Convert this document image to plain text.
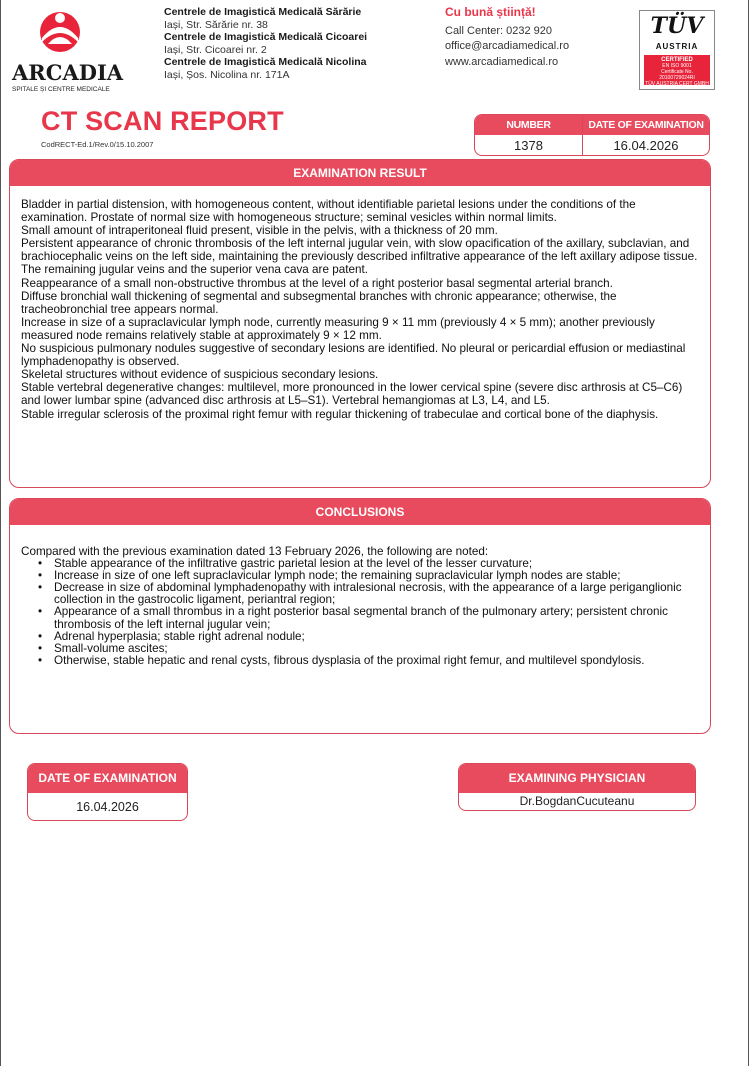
ARCADIA
SPITALE ȘI CENTRE MEDICALE
Centrele de Imagistică Medicală Sărărie
Iași, Str. Sărărie nr. 38
Centrele de Imagistică Medicală Cicoarei
Iași, Str. Cicoarei nr. 2
Centrele de Imagistică Medicală Nicolina
Iași, Șos. Nicolina nr. 171A
Cu bună știință!
Call Center: 0232 920
office@arcadiamedical.ro
www.arcadiamedical.ro
TÜV
AUSTRIA
CERTIFIED
EN ISO 9001
Certificate No. 20100729024RI
TÜV AUSTRIA CERT GMBH
CT SCAN REPORT
CodRECT-Ed.1/Rev.0/15.10.2007
NUMBER
1378
DATE OF EXAMINATION
16.04.2026
EXAMINATION RESULT

Bladder in partial distension, with homogeneous content, without identifiable parietal lesions under the conditions of the examination. Prostate of normal size with homogeneous structure; seminal vesicles within normal limits.

Small amount of intraperitoneal fluid present, visible in the pelvis, with a thickness of 20 mm.

Persistent appearance of chronic thrombosis of the left internal jugular vein, with slow opacification of the axillary, subclavian, and brachiocephalic veins on the left side, maintaining the previously described infiltrative appearance of the left axillary adipose tissue. The remaining jugular veins and the superior vena cava are patent.

Reappearance of a small non-obstructive thrombus at the level of a right posterior basal segmental arterial branch.

Diffuse bronchial wall thickening of segmental and subsegmental branches with chronic appearance; otherwise, the tracheobronchial tree appears normal.

Increase in size of a supraclavicular lymph node, currently measuring 9 × 11 mm (previously 4 × 5 mm); another previously measured node remains relatively stable at approximately 9 × 12 mm.

No suspicious pulmonary nodules suggestive of secondary lesions are identified. No pleural or pericardial effusion or mediastinal lymphadenopathy is observed.

Skeletal structures without evidence of suspicious secondary lesions.

Stable vertebral degenerative changes: multilevel, more pronounced in the lower cervical spine (severe disc arthrosis at C5–C6) and lower lumbar spine (advanced disc arthrosis at L5–S1). Vertebral hemangiomas at L3, L4, and L5.

Stable irregular sclerosis of the proximal right femur with regular thickening of trabeculae and cortical bone of the diaphysis.

CONCLUSIONS
Compared with the previous examination dated 13 February 2026, the following are noted:
• Stable appearance of the infiltrative gastric parietal lesion at the level of the lesser curvature;
• Increase in size of one left supraclavicular lymph node; the remaining supraclavicular lymph nodes are stable;
• Decrease in size of abdominal lymphadenopathy with intralesional necrosis, with the appearance of a large periganglionic collection in the gastrocolic ligament, periantral region;
• Appearance of a small thrombus in a right posterior basal segmental branch of the pulmonary artery; persistent chronic thrombosis of the left internal jugular vein;
• Adrenal hyperplasia; stable right adrenal nodule;
• Small-volume ascites;
• Otherwise, stable hepatic and renal cysts, fibrous dysplasia of the proximal right femur, and multilevel spondylosis.
DATE OF EXAMINATION
16.04.2026
EXAMINING PHYSICIAN
Dr.BogdanCucuteanu
